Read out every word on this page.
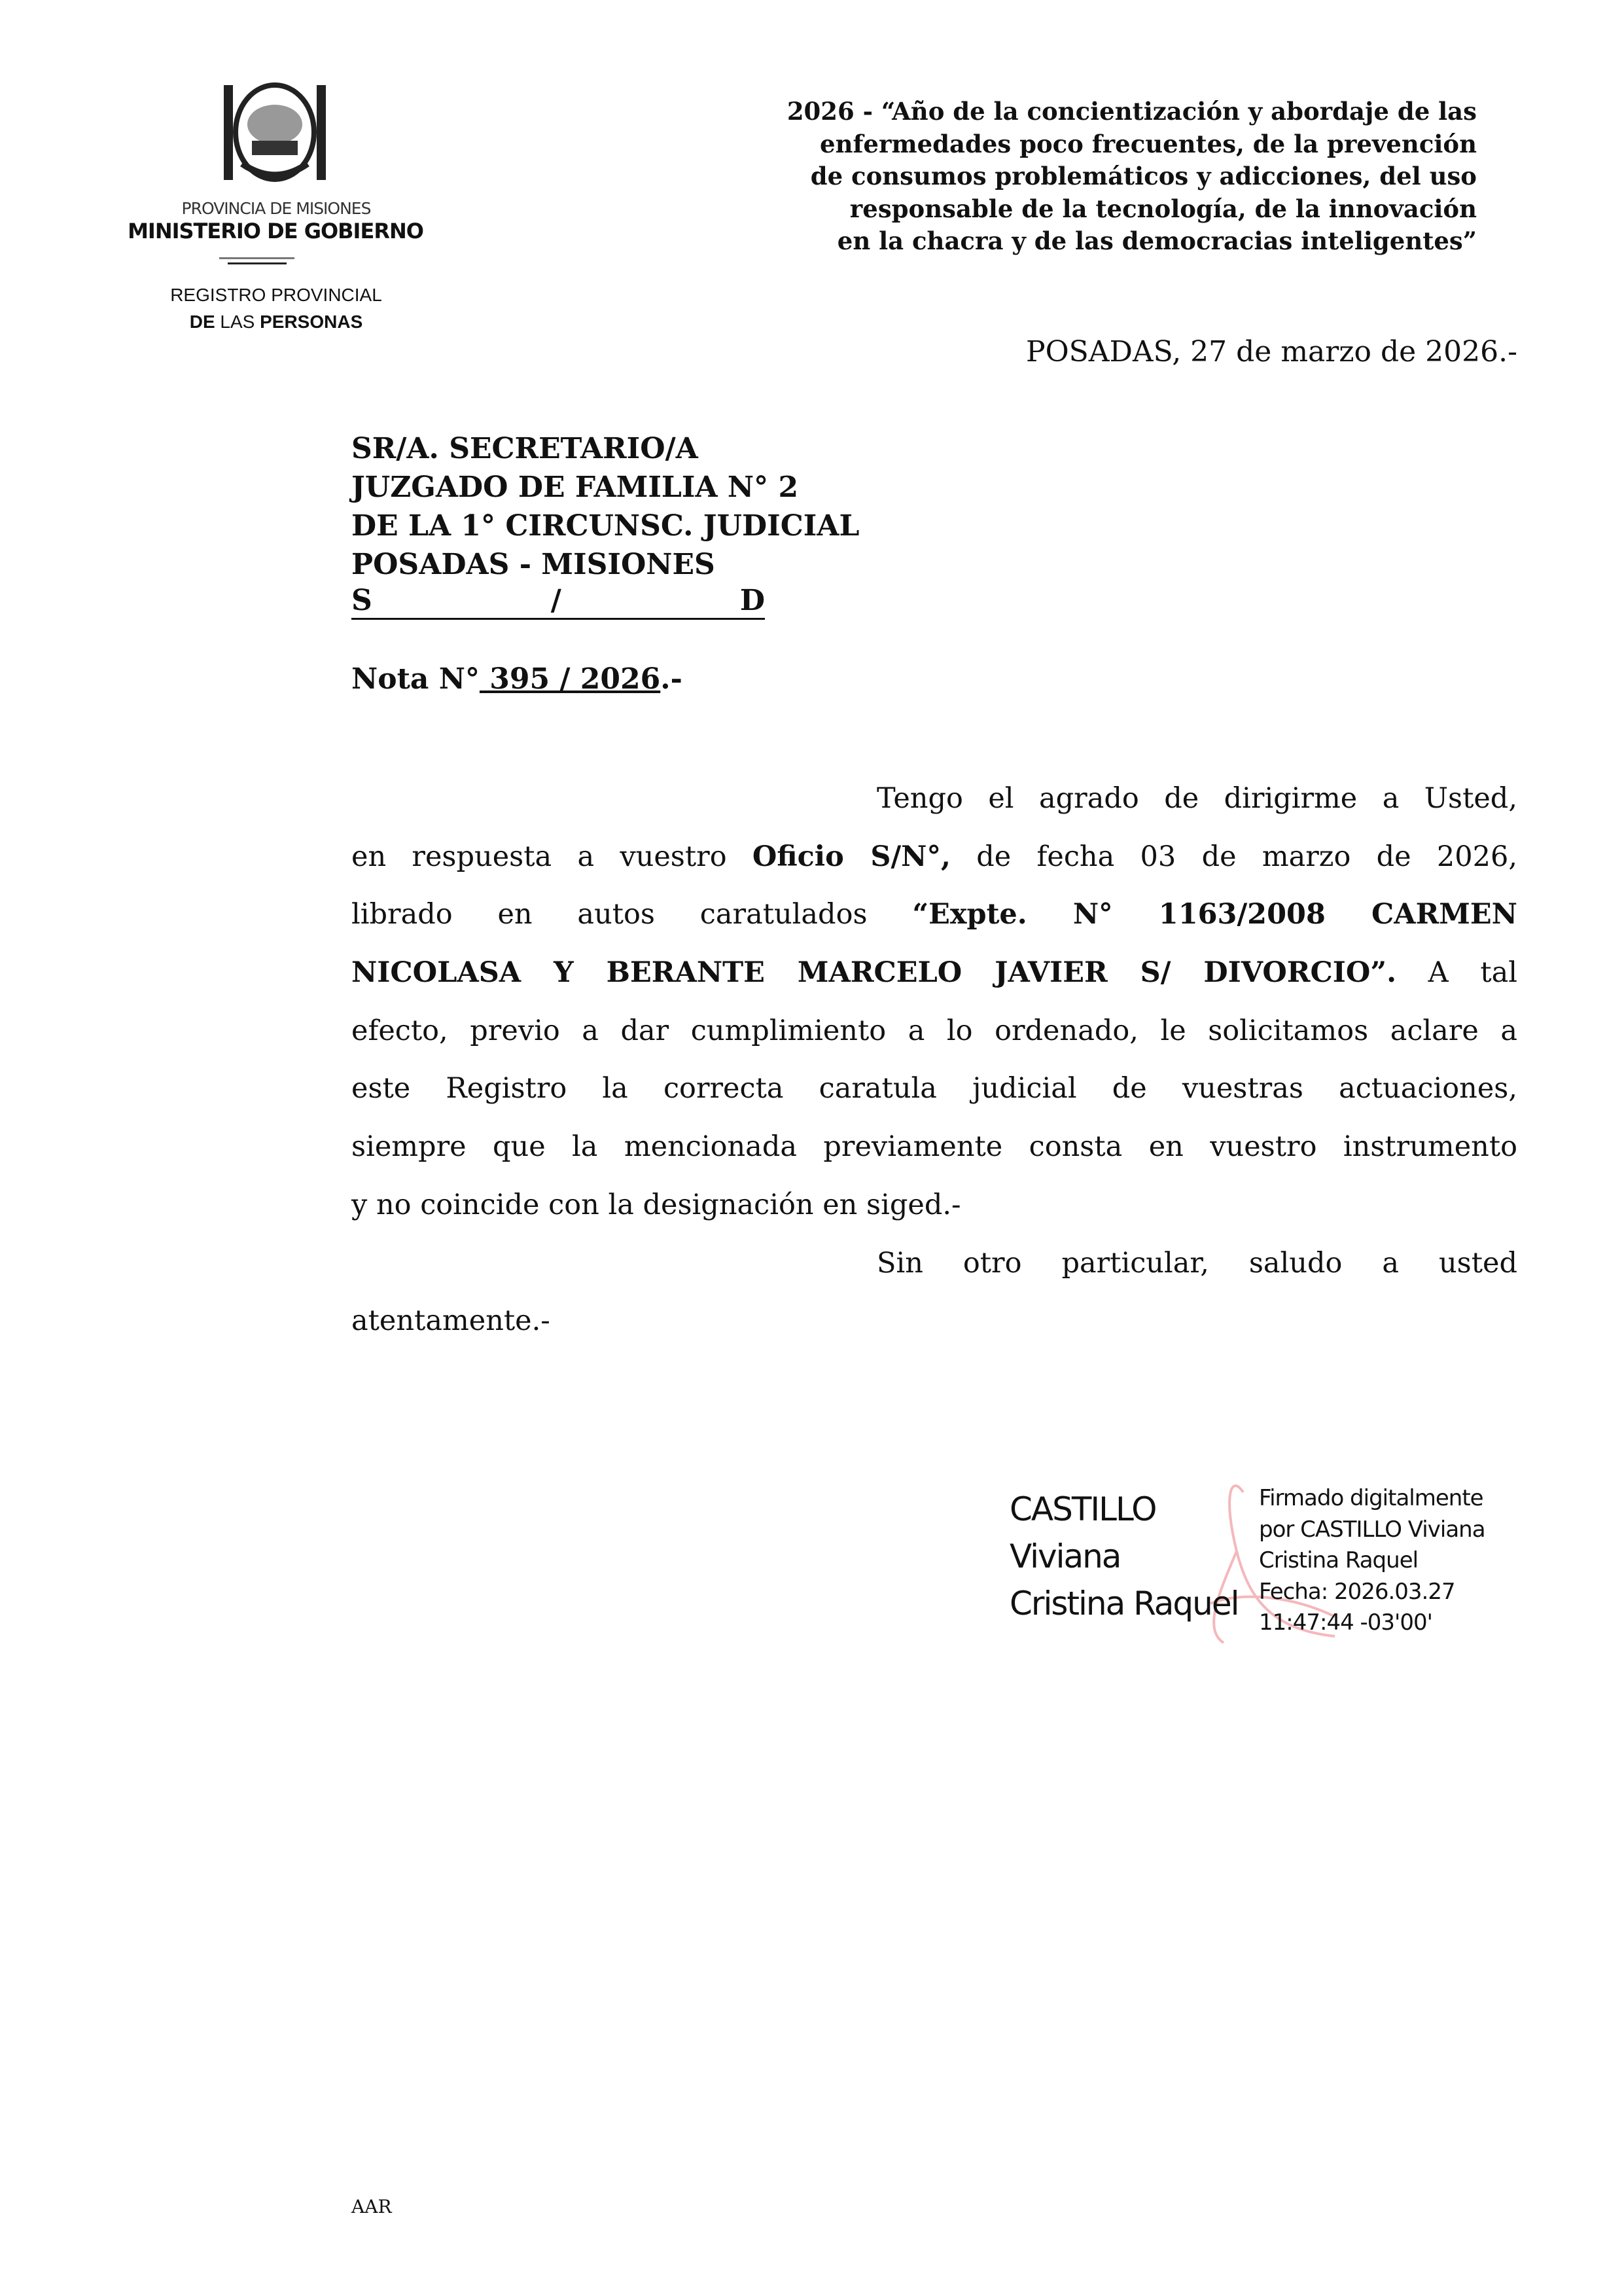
2026 - “Año de la concientización y abordaje de las
enfermedades poco frecuentes, de la prevención
de consumos problemáticos y adicciones, del uso
responsable de la tecnología, de la innovación
en la chacra y de las democracias inteligentes”
PROVINCIA DE MISIONES
MINISTERIO DE GOBIERNO
REGISTRO PROVINCIAL
DE LAS PERSONAS
POSADAS, 27 de marzo de 2026.-
SR/A. SECRETARIO/A
JUZGADO DE FAMILIA N° 2
DE LA 1° CIRCUNSC. JUDICIAL
POSADAS - MISIONES
S	/	D
Nota N° 395 / 2026.-
Tengo el agrado de dirigirme a Usted,
en respuesta a vuestro Oficio S/N°, de fecha 03 de marzo de 2026,
librado en autos caratulados “Expte. N° 1163/2008 CARMEN
NICOLASA Y BERANTE MARCELO JAVIER S/ DIVORCIO”. A tal
efecto, previo a dar cumplimiento a lo ordenado, le solicitamos aclare a
este Registro la correcta caratula judicial de vuestras actuaciones,
siempre que la mencionada previamente consta en vuestro instrumento
y no coincide con la designación en siged.-
Sin otro particular, saludo a usted
atentamente.-
CASTILLO
Viviana
Cristina Raquel
Firmado digitalmente
por CASTILLO Viviana
Cristina Raquel
Fecha: 2026.03.27
11:47:44 -03'00'
AAR
